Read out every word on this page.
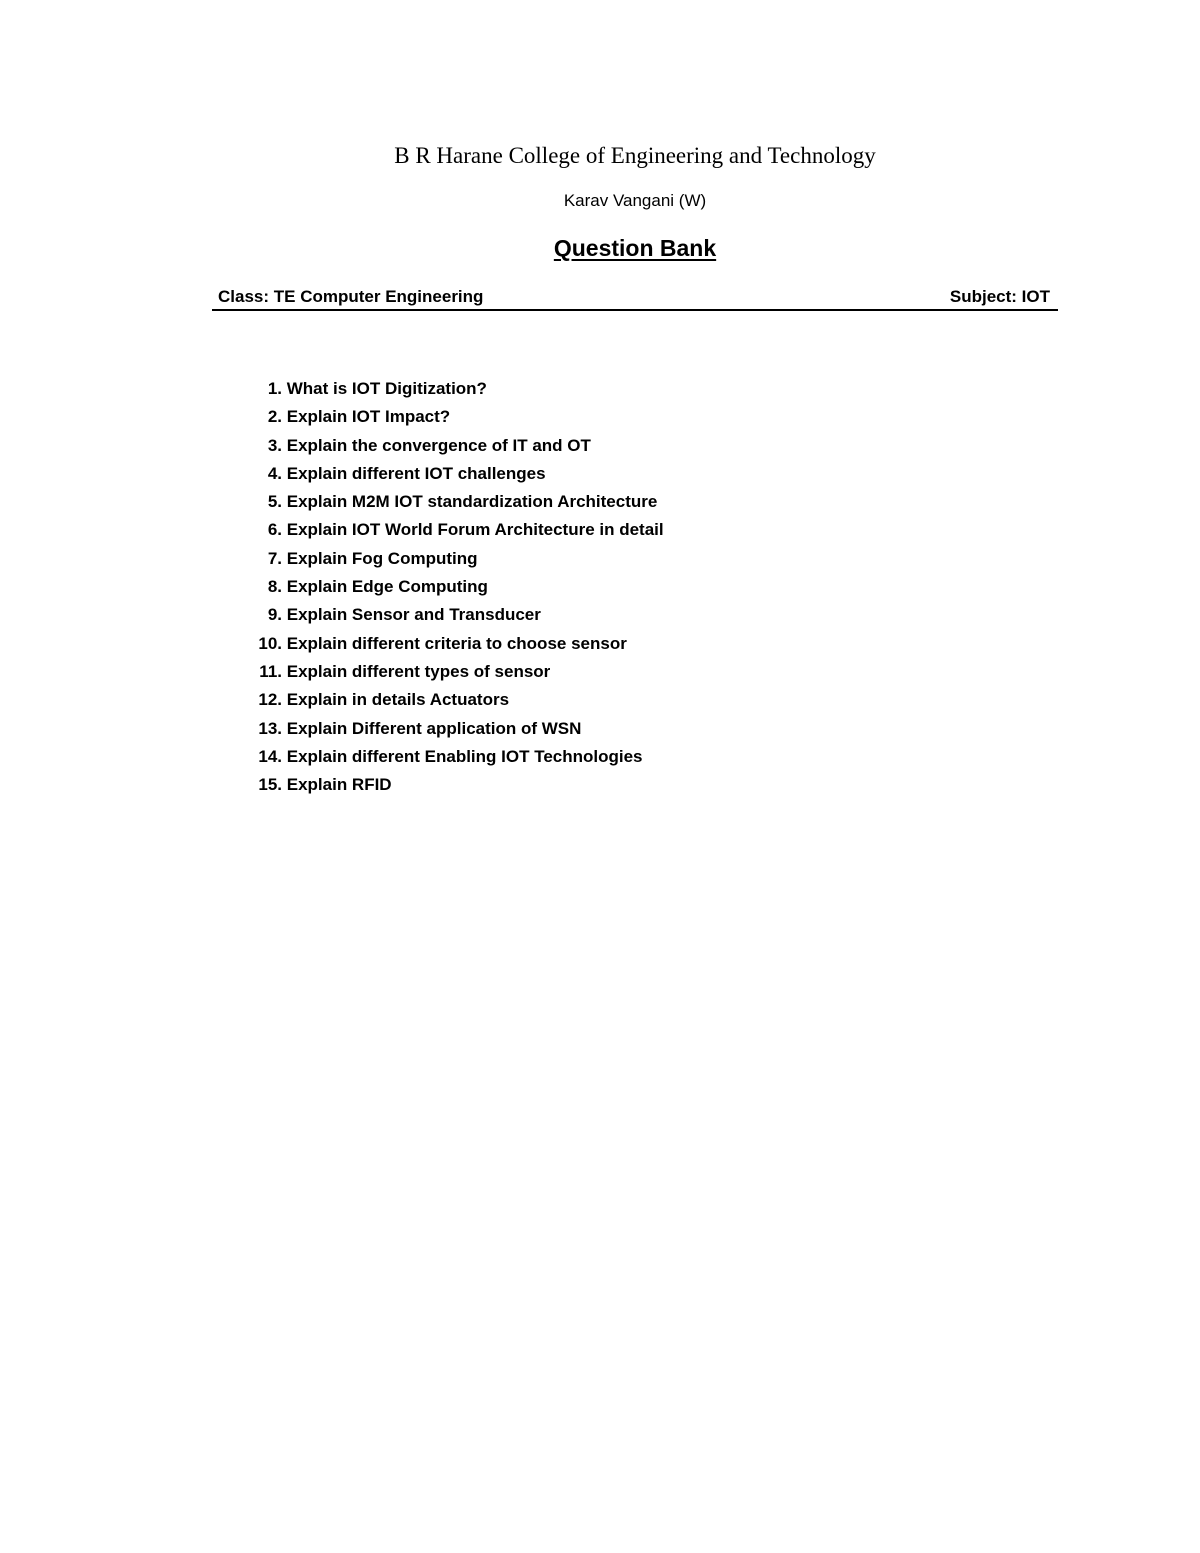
B R Harane College of Engineering and Technology
Karav Vangani (W)
Question Bank
Class: TE Computer Engineering	Subject: IOT
1. What is IOT Digitization?
2. Explain IOT Impact?
3. Explain the convergence of IT and OT
4. Explain different IOT challenges
5. Explain M2M IOT standardization Architecture
6. Explain IOT World Forum Architecture in detail
7. Explain Fog Computing
8. Explain Edge Computing
9. Explain Sensor and Transducer
10. Explain different criteria to choose sensor
11. Explain different types of sensor
12. Explain in details Actuators
13. Explain Different application of WSN
14. Explain different Enabling IOT Technologies
15. Explain RFID
